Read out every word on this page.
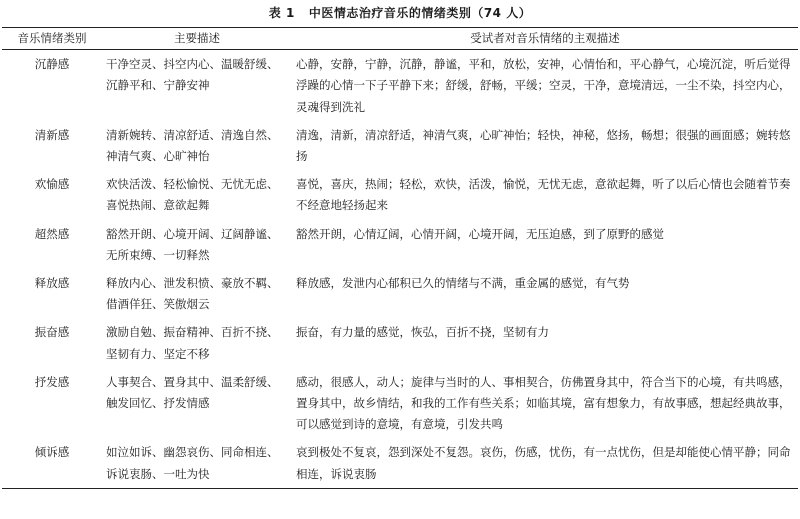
表 1 中医情志治疗音乐的情绪类别（74 人）
音乐情绪类别	主要描述	受试者对音乐情绪的主观描述
沉静感	干净空灵、抖空内心、温暖舒缓、沉静平和、宁静安神	心静，安静，宁静，沉静，静谧，平和，放松，安神，心情怡和，平心静气，心境沉淀，听后觉得浮躁的心情一下子平静下来；舒缓，舒畅，平缓；空灵，干净，意境清远，一尘不染，抖空内心，灵魂得到洗礼
清新感	清新婉转、清凉舒适、清逸自然、神清气爽、心旷神怡	清逸，清新，清凉舒适，神清气爽，心旷神怡；轻快，神秘，悠扬，畅想；很强的画面感；婉转悠扬
欢愉感	欢快活泼、轻松愉悦、无忧无虑、喜悦热闹、意欲起舞	喜悦，喜庆，热闹；轻松，欢快，活泼，愉悦，无忧无虑，意欲起舞，听了以后心情也会随着节奏不经意地轻扬起来
超然感	豁然开朗、心境开阔、辽阔静谧、无所束缚、一切释然	豁然开朗，心情辽阔，心情开阔，心境开阔，无压迫感，到了原野的感觉
释放感	释放内心、泄发积愤、豪放不羁、借酒佯狂、笑傲烟云	释放感，发泄内心郁积已久的情绪与不满，重金属的感觉，有气势
振奋感	激励自勉、振奋精神、百折不挠、坚韧有力、坚定不移	振奋，有力量的感觉，恢弘，百折不挠，坚韧有力
抒发感	人事契合、置身其中、温柔舒缓、触发回忆、抒发情感	感动，很感人，动人；旋律与当时的人、事相契合，仿佛置身其中，符合当下的心境，有共鸣感，置身其中，故乡情结，和我的工作有些关系；如临其境，富有想象力，有故事感，想起经典故事，可以感觉到诗的意境，有意境，引发共鸣
倾诉感	如泣如诉、幽怨哀伤、同命相连、诉说衷肠、一吐为快	哀到极处不复哀，怨到深处不复怨。哀伤，伤感，忧伤，有一点忧伤，但是却能使心情平静；同命相连，诉说衷肠
